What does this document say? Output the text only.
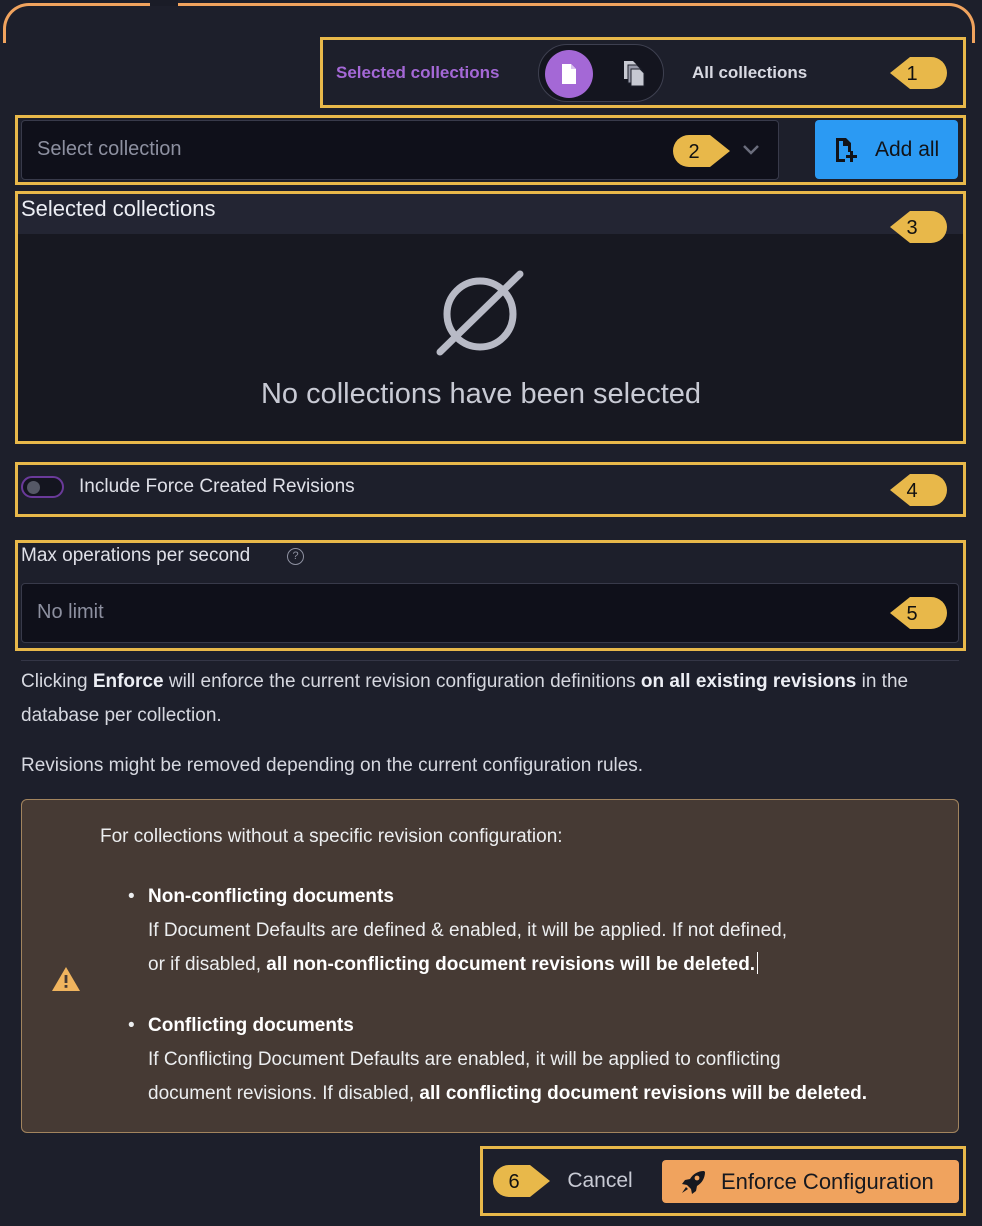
Selected collections	All collections
Select collection	Add all
Selected collections
No collections have been selected
Include Force Created Revisions
Max operations per second	?
No limit
Clicking Enforce will enforce the current revision configuration definitions on all existing revisions in the database per collection.
Revisions might be removed depending on the current configuration rules.
For collections without a specific revision configuration:
• Non-conflicting documents
If Document Defaults are defined & enabled, it will be applied. If not defined,
or if disabled, all non-conflicting document revisions will be deleted.
• Conflicting documents
If Conflicting Document Defaults are enabled, it will be applied to conflicting
document revisions. If disabled, all conflicting document revisions will be deleted.
Cancel	Enforce Configuration
1
2
3
4
5
6
